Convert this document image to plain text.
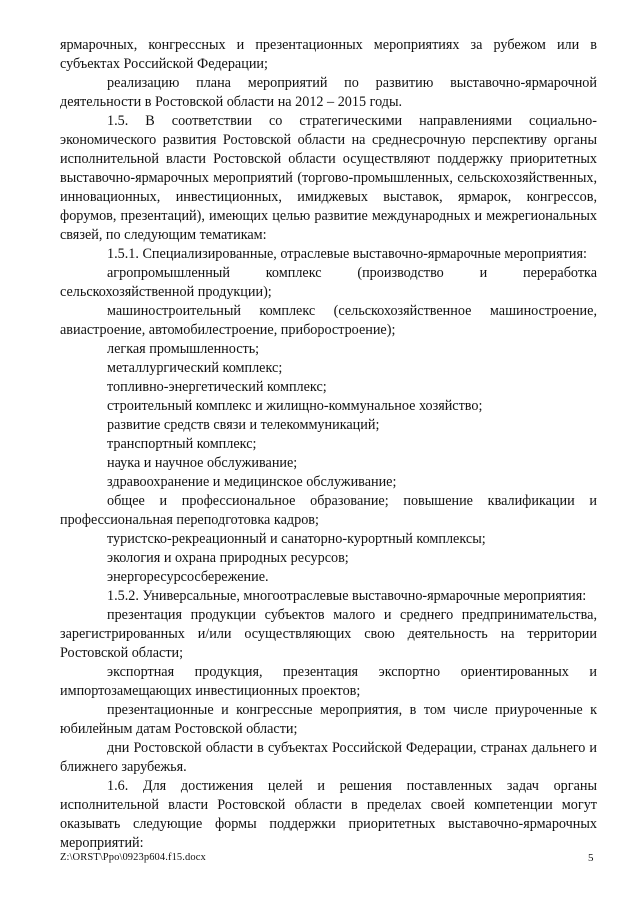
ярмарочных, конгрессных и презентационных мероприятиях за рубежом или в субъектах Российской Федерации;

реализацию плана мероприятий по развитию выставочно-ярмарочной деятельности в Ростовской области на 2012 – 2015 годы.

1.5. В соответствии со стратегическими направлениями социально-экономического развития Ростовской области на среднесрочную перспективу органы исполнительной власти Ростовской области осуществляют поддержку приоритетных выставочно-ярмарочных мероприятий (торгово-промышленных, сельскохозяйственных, инновационных, инвестиционных, имиджевых выставок, ярмарок, конгрессов, форумов, презентаций), имеющих целью развитие международных и межрегиональных связей, по следующим тематикам:

1.5.1. Специализированные, отраслевые выставочно-ярмарочные мероприятия:

агропромышленный комплекс (производство и переработка сельскохозяйственной продукции);

машиностроительный комплекс (сельскохозяйственное машиностроение, авиастроение, автомобилестроение, приборостроение);

легкая промышленность;

металлургический комплекс;

топливно-энергетический комплекс;

строительный комплекс и жилищно-коммунальное хозяйство;

развитие средств связи и телекоммуникаций;

транспортный комплекс;

наука и научное обслуживание;

здравоохранение и медицинское обслуживание;

общее и профессиональное образование; повышение квалификации и профессиональная переподготовка кадров;

туристско-рекреационный и санаторно-курортный комплексы;

экология и охрана природных ресурсов;

энергоресурсосбережение.

1.5.2. Универсальные, многоотраслевые выставочно-ярмарочные мероприятия:

презентация продукции субъектов малого и среднего предпринимательства, зарегистрированных и/или осуществляющих свою деятельность на территории Ростовской области;

экспортная продукция, презентация экспортно ориентированных и импортозамещающих инвестиционных проектов;

презентационные и конгрессные мероприятия, в том числе приуроченные к юбилейным датам Ростовской области;

дни Ростовской области в субъектах Российской Федерации, странах дальнего и ближнего зарубежья.

1.6. Для достижения целей и решения поставленных задач органы исполнительной власти Ростовской области в пределах своей компетенции могут оказывать следующие формы поддержки приоритетных выставочно-ярмарочных мероприятий:

Z:\ORST\Ppo\0923p604.f15.docx	5
